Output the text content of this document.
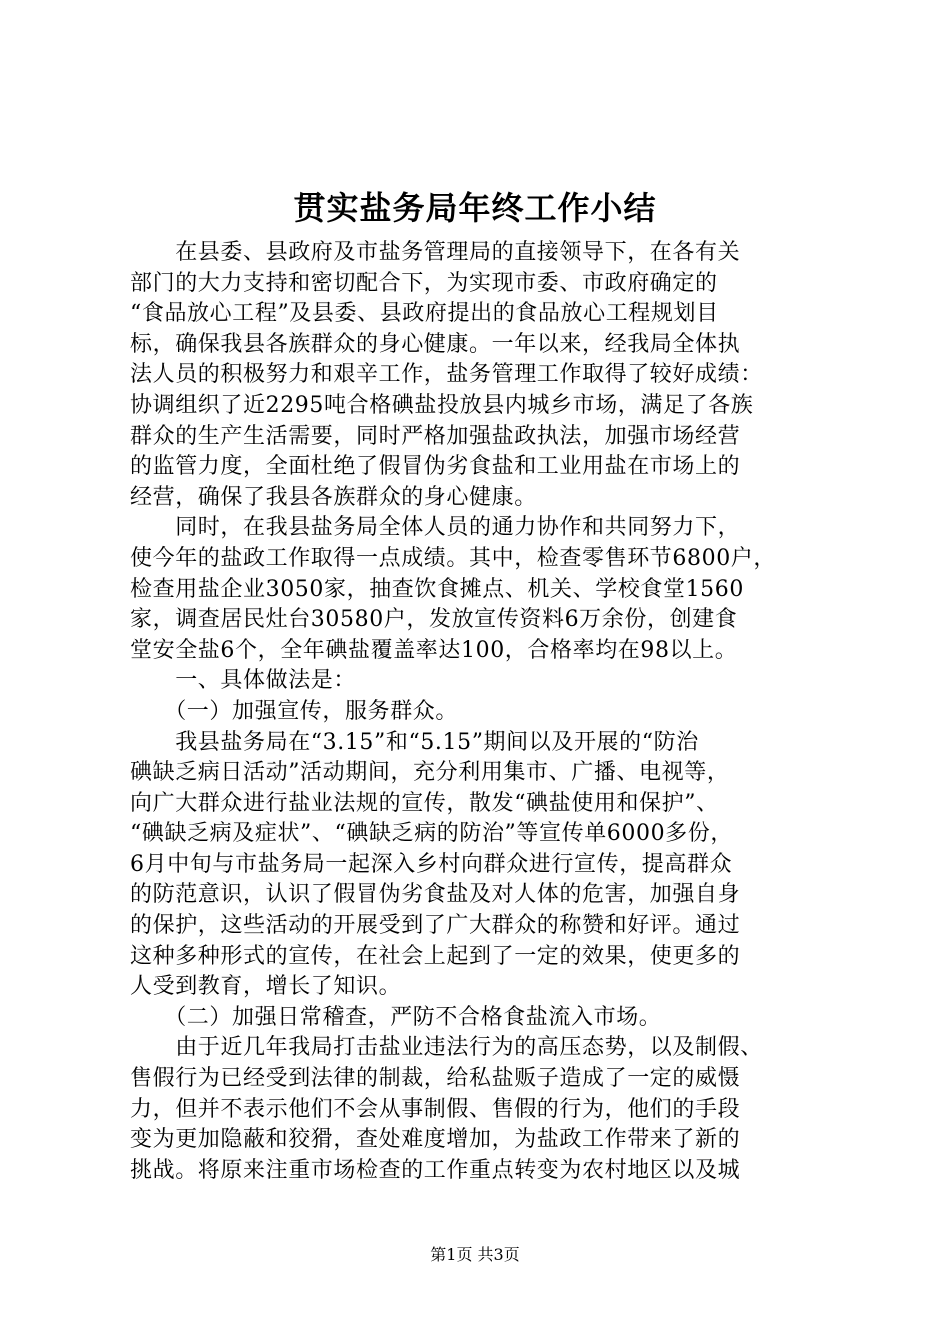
贯实盐务局年终工作小结
　　在县委、县政府及市盐务管理局的直接领导下，在各有关
部门的大力支持和密切配合下，为实现市委、市政府确定的
“食品放心工程”及县委、县政府提出的食品放心工程规划目
标，确保我县各族群众的身心健康。一年以来，经我局全体执
法人员的积极努力和艰辛工作，盐务管理工作取得了较好成绩：
协调组织了近2295吨合格碘盐投放县内城乡市场，满足了各族
群众的生产生活需要，同时严格加强盐政执法，加强市场经营
的监管力度，全面杜绝了假冒伪劣食盐和工业用盐在市场上的
经营，确保了我县各族群众的身心健康。
　　同时，在我县盐务局全体人员的通力协作和共同努力下，
使今年的盐政工作取得一点成绩。其中，检查零售环节6800户，
检查用盐企业3050家，抽查饮食摊点、机关、学校食堂1560
家，调查居民灶台30580户，发放宣传资料6万余份，创建食
堂安全盐6个，全年碘盐覆盖率达100，合格率均在98以上。
　　一、具体做法是：
　　（一）加强宣传，服务群众。
　　我县盐务局在“3.15”和“5.15”期间以及开展的“防治
碘缺乏病日活动”活动期间，充分利用集市、广播、电视等，
向广大群众进行盐业法规的宣传，散发“碘盐使用和保护”、
“碘缺乏病及症状”、“碘缺乏病的防治”等宣传单6000多份，
6月中旬与市盐务局一起深入乡村向群众进行宣传，提高群众
的防范意识，认识了假冒伪劣食盐及对人体的危害，加强自身
的保护，这些活动的开展受到了广大群众的称赞和好评。通过
这种多种形式的宣传，在社会上起到了一定的效果，使更多的
人受到教育，增长了知识。
　　（二）加强日常稽查，严防不合格食盐流入市场。
　　由于近几年我局打击盐业违法行为的高压态势，以及制假、
售假行为已经受到法律的制裁，给私盐贩子造成了一定的威慑
力，但并不表示他们不会从事制假、售假的行为，他们的手段
变为更加隐蔽和狡猾，查处难度增加，为盐政工作带来了新的
挑战。将原来注重市场检查的工作重点转变为农村地区以及城
第1页 共3页
